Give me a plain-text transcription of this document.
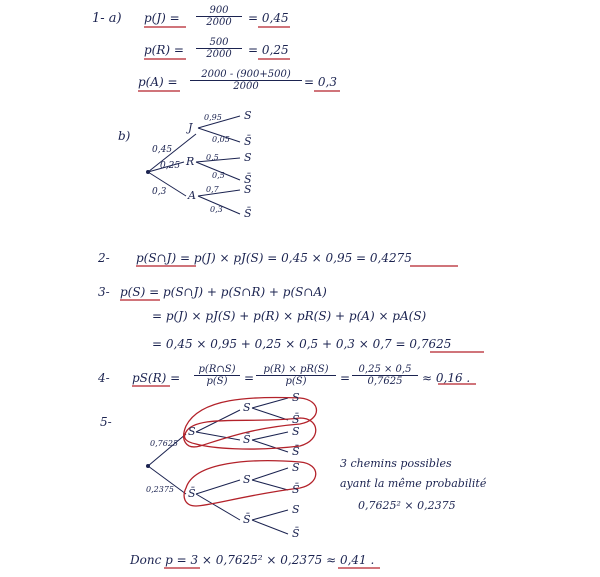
1- a) $p(J) = \frac{900}{2000} = 0,45$
$p(R) = \frac{500}{2000} = 0,25$
$p(A) = \frac{2000 - (900+500)}{2000} = 0,3$
b)
0,45
0,25
0,3
J
R
A
0,95
0,05
0,5
0,5
0,7
0,3
S
S̄
S
S̄
S
S̄
2- p(S∩J) = p(J) × pJ(S) = 0,45 × 0,95 = 0,4275
3- p(S) = p(S∩J) + p(S∩R) + p(S∩A)
= p(J) × pJ(S) + p(R) × pR(S) + p(A) × pA(S)
= 0,45 × 0,95 + 0,25 × 0,5 + 0,3 × 0,7 = 0,7625
4- $pS(R) = \frac{p(R\cap S)}{p(S)} = \frac{p(R) \times pR(S)}{p(S)} = \frac{0,25 \times 0,5}{0,7625} \approx 0,16$ .
5-
0,7625
0,2375
S
S̄
S
S̄
S
S̄
S
S̄
S
S̄
S
S̄
S
S̄
3 chemins possibles
ayant la même probabilité
0,7625² × 0,2375
Donc p = 3 × 0,7625² × 0,2375 ≈ 0,41 .
